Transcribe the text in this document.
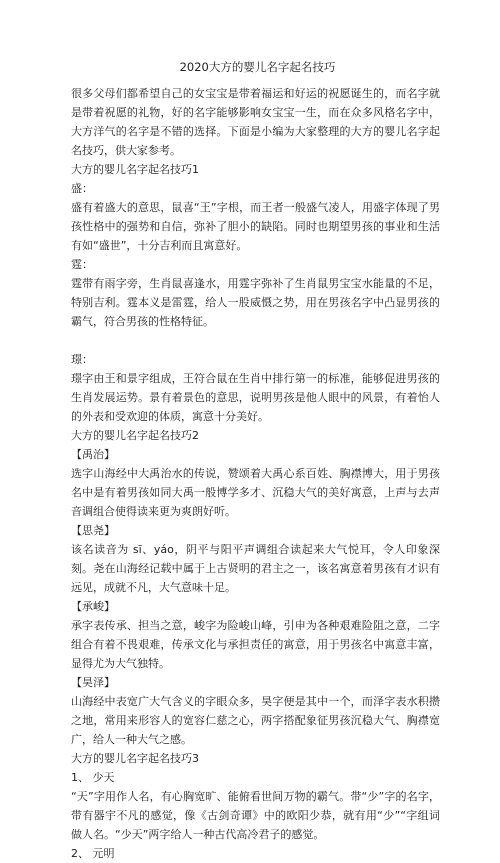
2020大方的婴儿名字起名技巧

很多父母们都希望自己的女宝宝是带着福运和好运的祝愿诞生的，而名字就是带着祝愿的礼物，好的名字能够影响女宝宝一生，而在众多风格名字中，大方洋气的名字是不错的选择。下面是小编为大家整理的大方的婴儿名字起名技巧，供大家参考。

大方的婴儿名字起名技巧1

盛：

盛有着盛大的意思，鼠喜“王”字根，而王者一般盛气凌人，用盛字体现了男孩性格中的强势和自信，弥补了胆小的缺陷。同时也期望男孩的事业和生活有如“盛世”，十分吉利而且寓意好。

霆：

霆带有雨字旁，生肖鼠喜逢水，用霆字弥补了生肖鼠男宝宝水能量的不足，特别吉利。霆本义是雷霆，给人一股威慑之势，用在男孩名字中凸显男孩的霸气，符合男孩的性格特征。

璟：

璟字由王和景字组成，王符合鼠在生肖中排行第一的标准，能够促进男孩的生肖发展运势。景有着景色的意思，说明男孩是他人眼中的风景，有着怡人的外表和受欢迎的体质，寓意十分美好。

大方的婴儿名字起名技巧2

【禹治】

选字山海经中大禹治水的传说，赞颂着大禹心系百姓、胸襟博大，用于男孩名中是有着男孩如同大禹一般博学多才、沉稳大气的美好寓意，上声与去声音调组合使得读来更为爽朗好听。

【思尧】

该名读音为 sī、yáo，阴平与阳平声调组合读起来大气悦耳，令人印象深刻。尧在山海经记载中属于上古贤明的君主之一，该名寓意着男孩有才识有远见，成就不凡，大气意味十足。

【承峻】

承字表传承、担当之意，峻字为险峻山峰，引申为各种艰难险阻之意，二字组合有着不畏艰难，传承文化与承担责任的寓意，用于男孩名中寓意丰富，显得尤为大气独特。

【昊泽】

山海经中表宽广大气含义的字眼众多，昊字便是其中一个，而泽字表水积攒之地，常用来形容人的宽容仁慈之心，两字搭配象征男孩沉稳大气、胸襟宽广，给人一种大气之感。

大方的婴儿名字起名技巧3

1、 少天

“天”字用作人名，有心胸宽旷、能俯看世间万物的霸气。带“少”字的名字，带有器宇不凡的感觉，像《古剑奇谭》中的欧阳少恭，就有用“少”“字组词做人名。“少天”两字给人一种古代高冷君子的感觉。

2、 元明
